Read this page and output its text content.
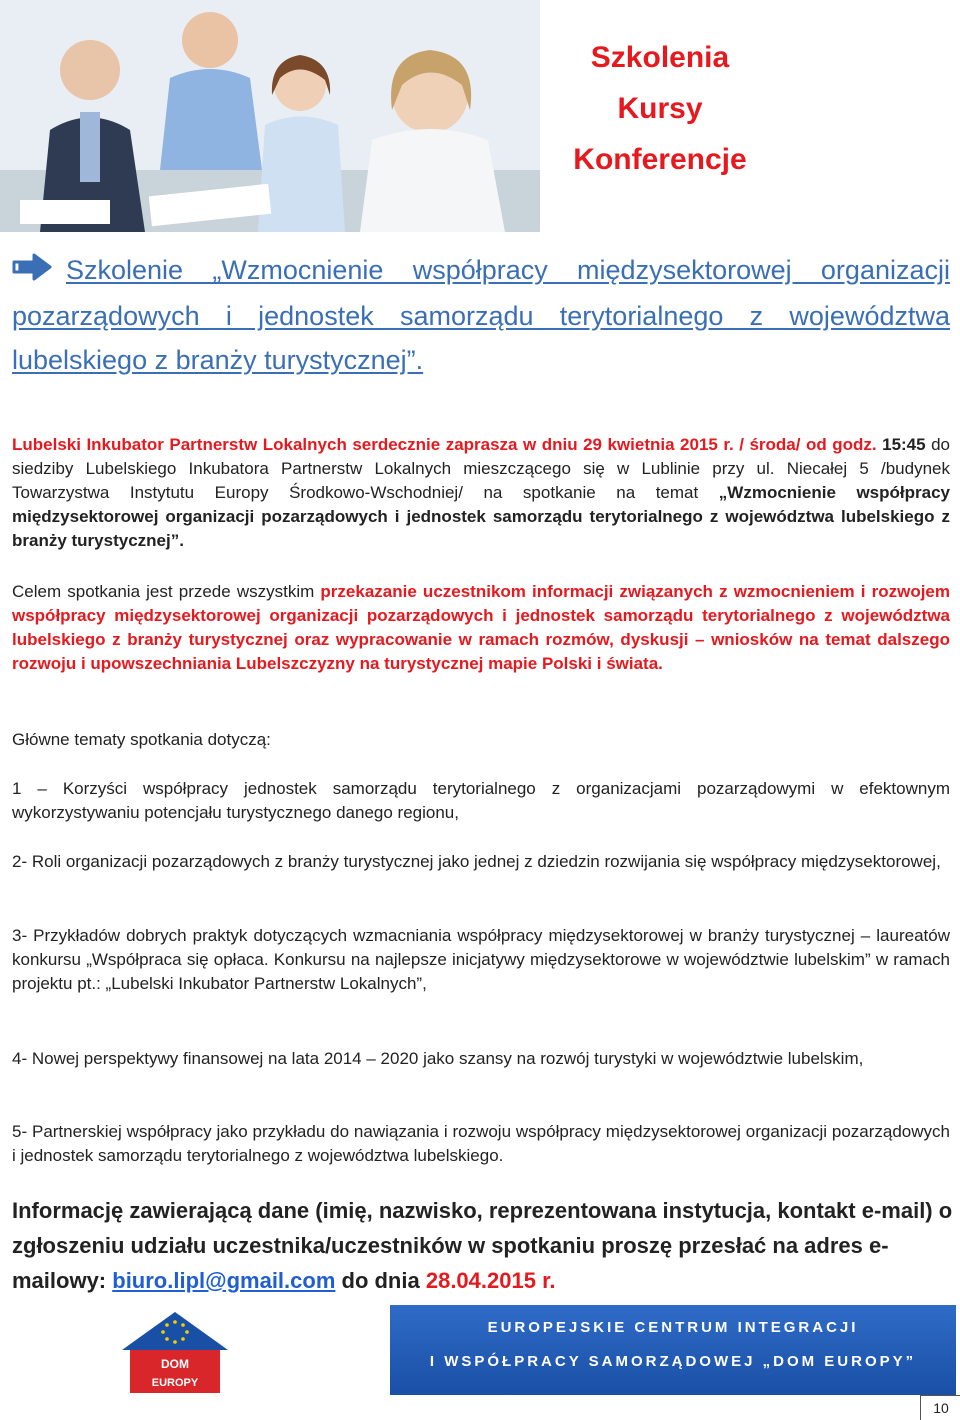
Szkolenia
Kursy
Konferencje
Szkolenie „Wzmocnienie współpracy międzysektorowej organizacji pozarządowych i jednostek samorządu terytorialnego z województwa lubelskiego z branży turystycznej”.
Lubelski Inkubator Partnerstw Lokalnych serdecznie zaprasza w dniu 29 kwietnia 2015 r. / środa/ od godz. 15:45 do siedziby Lubelskiego Inkubatora Partnerstw Lokalnych mieszczącego się w Lublinie przy ul. Niecałej 5 /budynek Towarzystwa Instytutu Europy Środkowo-Wschodniej/ na spotkanie na temat „Wzmocnienie współpracy międzysektorowej organizacji pozarządowych i jednostek samorządu terytorialnego z województwa lubelskiego z branży turystycznej”.
Celem spotkania jest przede wszystkim przekazanie uczestnikom informacji związanych z wzmocnieniem i rozwojem współpracy międzysektorowej organizacji pozarządowych i jednostek samorządu terytorialnego z województwa lubelskiego z branży turystycznej oraz wypracowanie w ramach rozmów, dyskusji – wniosków na temat dalszego rozwoju i upowszechniania Lubelszczyzny na turystycznej mapie Polski i świata.
Główne tematy spotkania dotyczą:
1 – Korzyści współpracy jednostek samorządu terytorialnego z organizacjami pozarządowymi w efektownym wykorzystywaniu potencjału turystycznego danego regionu,
2- Roli organizacji pozarządowych z branży turystycznej jako jednej z dziedzin rozwijania się współpracy międzysektorowej,
3- Przykładów dobrych praktyk dotyczących wzmacniania współpracy międzysektorowej w branży turystycznej – laureatów konkursu „Współpraca się opłaca. Konkursu na najlepsze inicjatywy międzysektorowe w województwie lubelskim” w ramach projektu pt.: „Lubelski Inkubator Partnerstw Lokalnych”,
4- Nowej perspektywy finansowej na lata 2014 – 2020 jako szansy na rozwój turystyki w województwie lubelskim,
5- Partnerskiej współpracy jako przykładu do nawiązania i rozwoju współpracy międzysektorowej organizacji pozarządowych i jednostek samorządu terytorialnego z województwa lubelskiego.
Informację zawierającą dane (imię, nazwisko, reprezentowana instytucja, kontakt e-mail) o zgłoszeniu udziału uczestnika/uczestników w spotkaniu proszę przesłać na adres e-mailowy: biuro.lipl@gmail.com do dnia 28.04.2015 r.
DOM
EUROPY
EUROPEJSKIE CENTRUM INTEGRACJI
I WSPÓŁPRACY SAMORZĄDOWEJ „DOM EUROPY”
10
